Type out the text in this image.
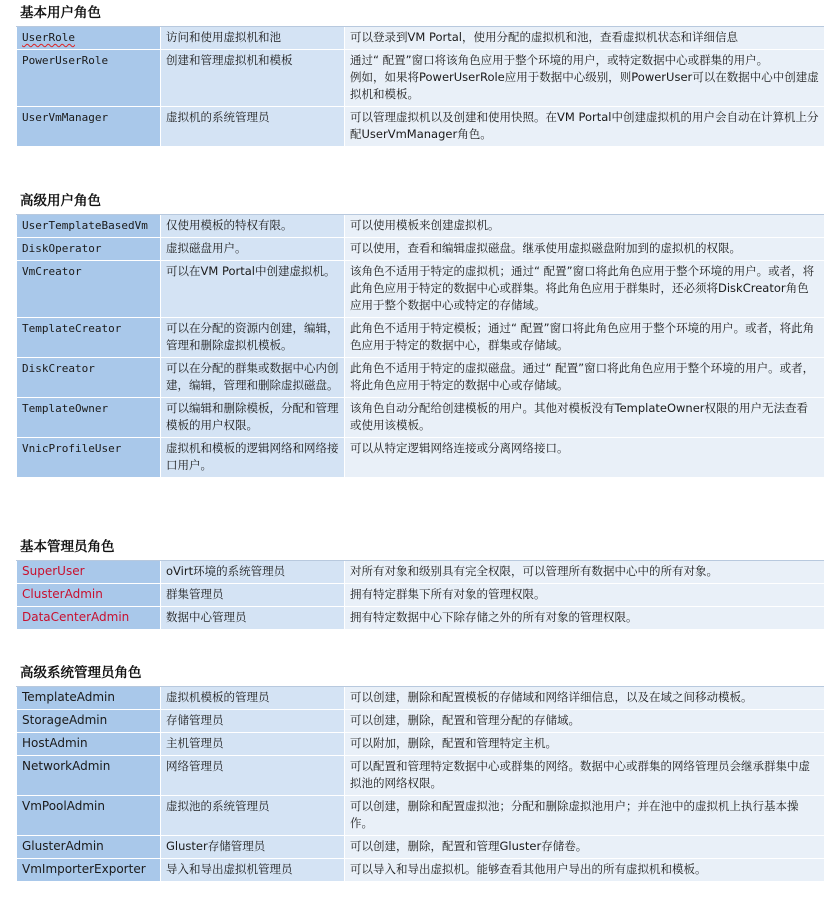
基本用户角色
UserRole	访问和使用虚拟机和池	可以登录到VM Portal，使用分配的虚拟机和池，查看虚拟机状态和详细信息
PowerUserRole	创建和管理虚拟机和模板	通过“ 配置”窗口将该角色应用于整个环境的用户，或特定数据中心或群集的用户。
例如，如果将PowerUserRole应用于数据中心级别，则PowerUser可以在数据中心中创建虚拟机和模板。

UserVmManager	虚拟机的系统管理员	可以管理虚拟机以及创建和使用快照。在VM Portal中创建虚拟机的用户会自动在计算机上分配UserVmManager角色。
高级用户角色
UserTemplateBasedVm	仅使用模板的特权有限。	可以使用模板来创建虚拟机。
DiskOperator	虚拟磁盘用户。	可以使用，查看和编辑虚拟磁盘。继承使用虚拟磁盘附加到的虚拟机的权限。
VmCreator	可以在VM Portal中创建虚拟机。	该角色不适用于特定的虚拟机；通过“ 配置”窗口将此角色应用于整个环境的用户。或者，将此角色应用于特定的数据中心或群集。将此角色应用于群集时，还必须将DiskCreator角色应用于整个数据中心或特定的存储域。
TemplateCreator	可以在分配的资源内创建，编辑，管理和删除虚拟机模板。	此角色不适用于特定模板；通过“ 配置”窗口将此角色应用于整个环境的用户。或者，将此角色应用于特定的数据中心，群集或存储域。
DiskCreator	可以在分配的群集或数据中心内创建，编辑，管理和删除虚拟磁盘。	此角色不适用于特定的虚拟磁盘。通过“ 配置”窗口将此角色应用于整个环境的用户。或者，将此角色应用于特定的数据中心或存储域。
TemplateOwner	可以编辑和删除模板，分配和管理模板的用户权限。	该角色自动分配给创建模板的用户。其他对模板没有TemplateOwner权限的用户无法查看或使用该模板。
VnicProfileUser	虚拟机和模板的逻辑网络和网络接口用户。	可以从特定逻辑网络连接或分离网络接口。
基本管理员角色
SuperUser	oVirt环境的系统管理员	对所有对象和级别具有完全权限，可以管理所有数据中心中的所有对象。
ClusterAdmin	群集管理员	拥有特定群集下所有对象的管理权限。
DataCenterAdmin	数据中心管理员	拥有特定数据中心下除存储之外的所有对象的管理权限。
高级系统管理员角色
TemplateAdmin	虚拟机模板的管理员	可以创建，删除和配置模板的存储域和网络详细信息，以及在域之间移动模板。
StorageAdmin	存储管理员	可以创建，删除，配置和管理分配的存储域。
HostAdmin	主机管理员	可以附加，删除，配置和管理特定主机。
NetworkAdmin	网络管理员	可以配置和管理特定数据中心或群集的网络。数据中心或群集的网络管理员会继承群集中虚拟池的网络权限。
VmPoolAdmin	虚拟池的系统管理员	可以创建，删除和配置虚拟池；分配和删除虚拟池用户；并在池中的虚拟机上执行基本操作。
GlusterAdmin	Gluster存储管理员	可以创建，删除，配置和管理Gluster存储卷。
VmImporterExporter	导入和导出虚拟机管理员	可以导入和导出虚拟机。能够查看其他用户导出的所有虚拟机和模板。
